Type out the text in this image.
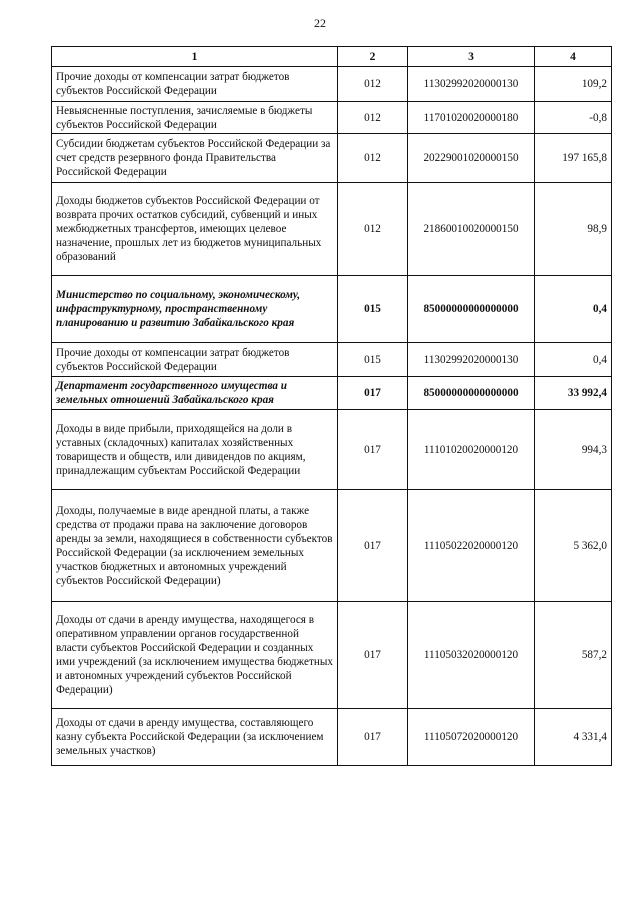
22
1	2	3	4
Прочие доходы от компенсации затрат бюджетов субъектов Российской Федерации	012	11302992020000130	109,2
Невыясненные поступления, зачисляемые в бюджеты субъектов Российской Федерации	012	11701020020000180	-0,8
Субсидии бюджетам субъектов Российской Федерации за счет средств резервного фонда Правительства Российской Федерации	012	20229001020000150	197 165,8
Доходы бюджетов субъектов Российской Федерации от возврата прочих остатков субсидий, субвенций и иных межбюджетных трансфертов, имеющих целевое назначение, прошлых лет из бюджетов муниципальных образований	012	21860010020000150	98,9
Министерство по социальному, экономическому, инфраструктурному, пространственному планированию и развитию Забайкальского края	015	85000000000000000	0,4
Прочие доходы от компенсации затрат бюджетов субъектов Российской Федерации	015	11302992020000130	0,4
Департамент государственного имущества и земельных отношений Забайкальского края	017	85000000000000000	33 992,4
Доходы в виде прибыли, приходящейся на доли в уставных (складочных) капиталах хозяйственных товариществ и обществ, или дивидендов по акциям, принадлежащим субъектам Российской Федерации	017	11101020020000120	994,3
Доходы, получаемые в виде арендной платы, а также средства от продажи права на заключение договоров аренды за земли, находящиеся в собственности субъектов Российской Федерации (за исключением земельных участков бюджетных и автономных учреждений субъектов Российской Федерации)	017	11105022020000120	5 362,0
Доходы от сдачи в аренду имущества, находящегося в оперативном управлении органов государственной власти субъектов Российской Федерации и созданных ими учреждений (за исключением имущества бюджетных и автономных учреждений субъектов Российской Федерации)	017	11105032020000120	587,2
Доходы от сдачи в аренду имущества, составляющего казну субъекта Российской Федерации (за исключением земельных участков)	017	11105072020000120	4 331,4
